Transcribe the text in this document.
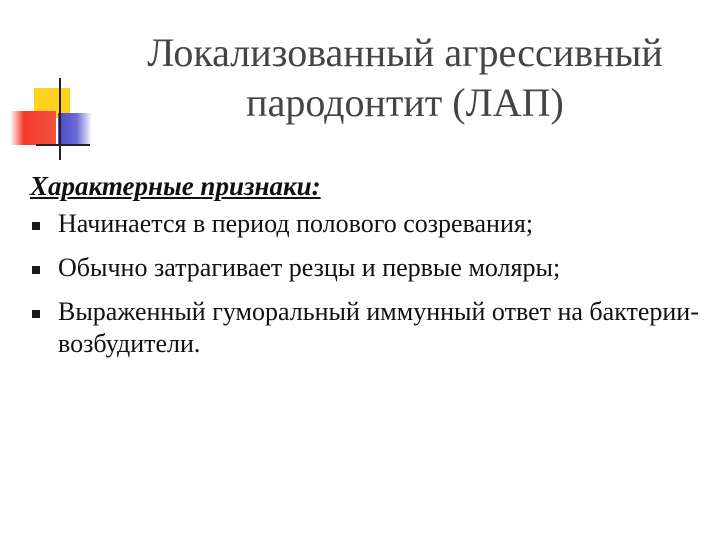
Локализованный агрессивный
пародонтит (ЛАП)

Характерные признаки:

Начинается в период полового созревания;
Обычно затрагивает резцы и первые моляры;
Выраженный гуморальный иммунный ответ на бактерии-возбудители.
